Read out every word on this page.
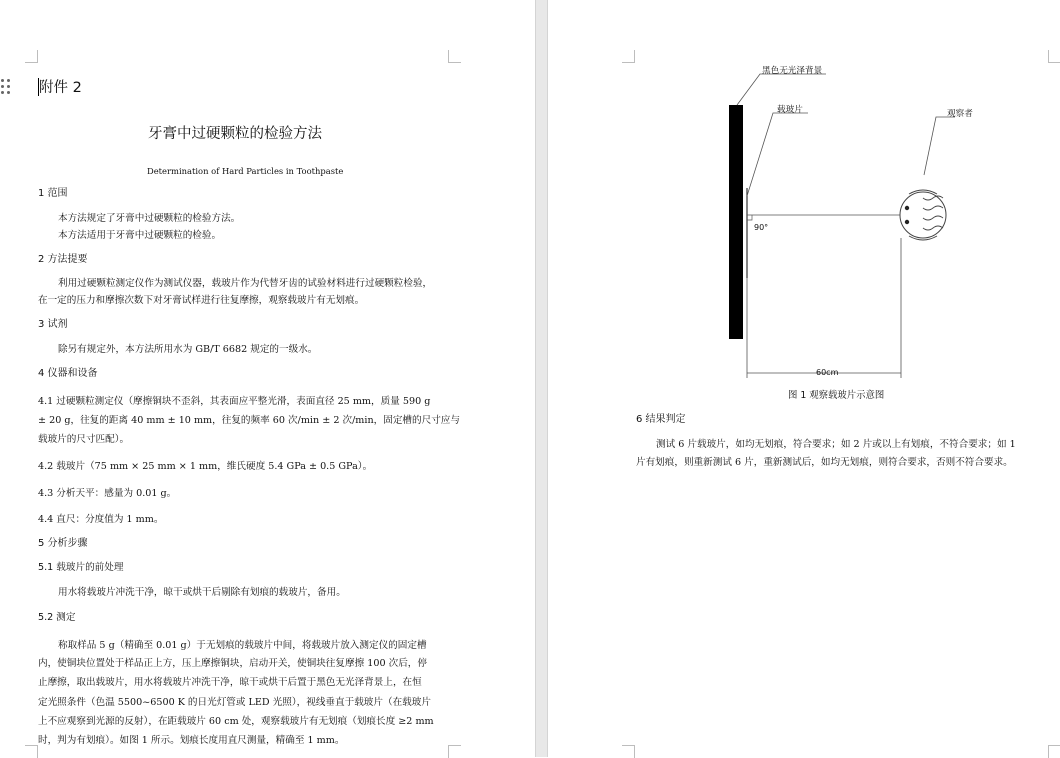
附件 2
牙膏中过硬颗粒的检验方法
Determination of Hard Particles in Toothpaste
1 范围
本方法规定了牙膏中过硬颗粒的检验方法。
本方法适用于牙膏中过硬颗粒的检验。
2 方法提要
利用过硬颗粒测定仪作为测试仪器，载玻片作为代替牙齿的试验材料进行过硬颗粒检验，
在一定的压力和摩擦次数下对牙膏试样进行往复摩擦，观察载玻片有无划痕。
3 试剂
除另有规定外，本方法所用水为 GB/T 6682 规定的一级水。
4 仪器和设备
4.1 过硬颗粒测定仪（摩擦铜块不歪斜，其表面应平整光滑，表面直径 25 mm，质量 590 g
± 20 g，往复的距离 40 mm ± 10 mm，往复的频率 60 次/min ± 2 次/min，固定槽的尺寸应与
载玻片的尺寸匹配）。
4.2 载玻片（75 mm × 25 mm × 1 mm，维氏硬度 5.4 GPa ± 0.5 GPa）。
4.3 分析天平：感量为 0.01 g。
4.4 直尺：分度值为 1 mm。
5 分析步骤
5.1 载玻片的前处理
用水将载玻片冲洗干净，晾干或烘干后剔除有划痕的载玻片，备用。
5.2 测定
称取样品 5 g（精确至 0.01 g）于无划痕的载玻片中间，将载玻片放入测定仪的固定槽
内，使铜块位置处于样品正上方，压上摩擦铜块，启动开关，使铜块往复摩擦 100 次后，停
止摩擦，取出载玻片，用水将载玻片冲洗干净，晾干或烘干后置于黑色无光泽背景上，在恒
定光照条件（色温 5500~6500 K 的日光灯管或 LED 光照），视线垂直于载玻片（在载玻片
上不应观察到光源的反射），在距载玻片 60 cm 处，观察载玻片有无划痕（划痕长度 ≥2 mm
时，判为有划痕）。如图 1 所示。划痕长度用直尺测量，精确至 1 mm。
黑色无光泽背景
载玻片	观察者
90°
60cm
图 1 观察载玻片示意图
6 结果判定
测试 6 片载玻片，如均无划痕，符合要求；如 2 片或以上有划痕，不符合要求；如 1
片有划痕，则重新测试 6 片，重新测试后，如均无划痕，则符合要求，否则不符合要求。
